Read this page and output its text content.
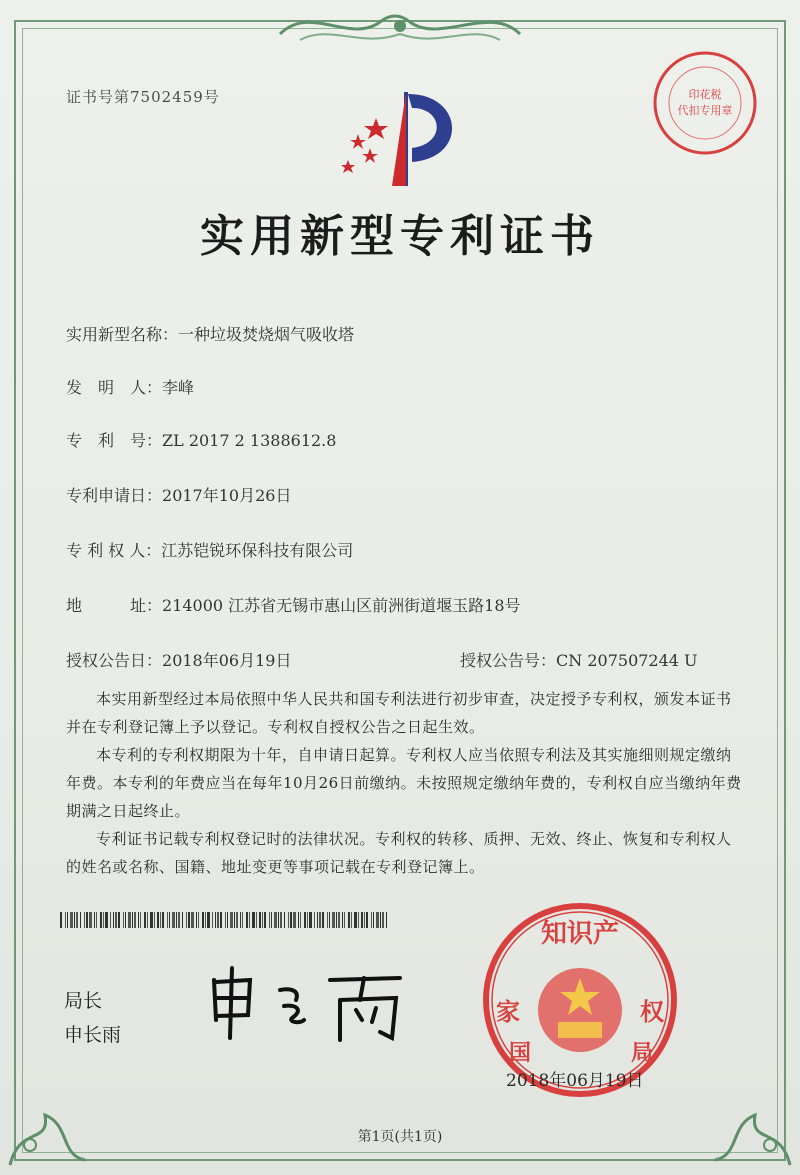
证书号第7502459号	印花税
代扣专用章
实用新型专利证书
实用新型名称：一种垃圾焚烧烟气吸收塔
发　明　人：李峰
专　利　号：ZL 2017 2 1388612.8
专利申请日：2017年10月26日
专 利 权 人：江苏铠锐环保科技有限公司
地　　　址：214000 江苏省无锡市惠山区前洲街道堰玉路18号
授权公告日：2018年06月19日	授权公告号：CN 207507244 U
本实用新型经过本局依照中华人民共和国专利法进行初步审查，决定授予专利权，颁发本证书并在专利登记簿上予以登记。专利权自授权公告之日起生效。
本专利的专利权期限为十年，自申请日起算。专利权人应当依照专利法及其实施细则规定缴纳年费。本专利的年费应当在每年10月26日前缴纳。未按照规定缴纳年费的，专利权自应当缴纳年费期满之日起终止。
专利证书记载专利权登记时的法律状况。专利权的转移、质押、无效、终止、恢复和专利权人的姓名或名称、国籍、地址变更等事项记载在专利登记簿上。
局长
申长雨
知识产
家	权
国	局
2018年06月19日
第1页(共1页)
